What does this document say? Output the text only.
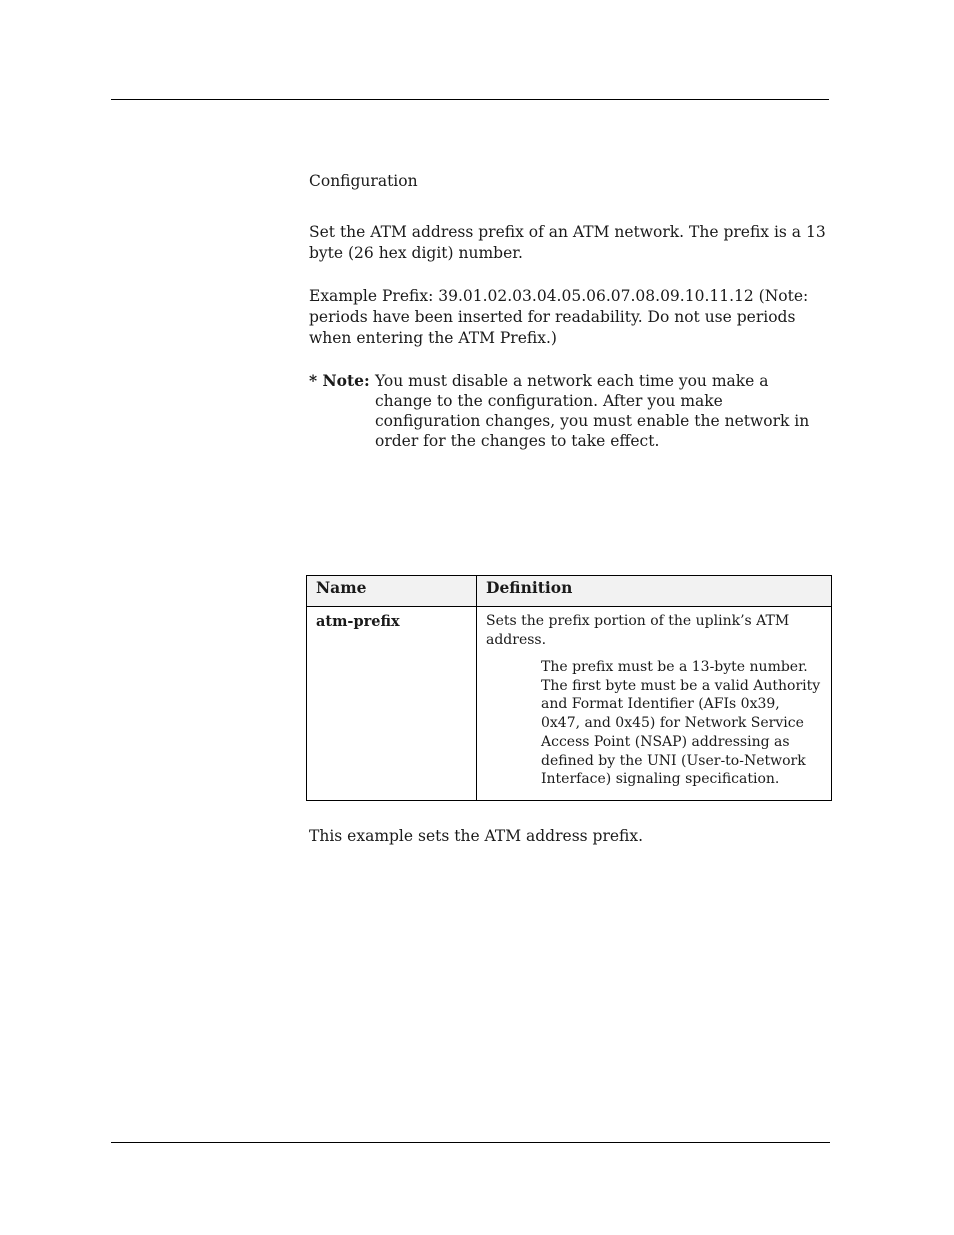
Configuration

Set the ATM address prefix of an ATM network. The prefix is a 13 byte (26 hex digit) number.

Example Prefix: 39.01.02.03.04.05.06.07.08.09.10.11.12 (Note: periods have been inserted for readability. Do not use periods when entering the ATM Prefix.)

* Note: You must disable a network each time you make a change to the configuration. After you make configuration changes, you must enable the network in order for the changes to take effect.
Name	Definition
atm-prefix	Sets the prefix portion of the uplink’s ATM address.

The prefix must be a 13-byte number. The first byte must be a valid Authority and Format Identifier (AFIs 0x39, 0x47, and 0x45) for Network Service Access Point (NSAP) addressing as defined by the UNI (User-to-Network Interface) signaling specification.

This example sets the ATM address prefix.
